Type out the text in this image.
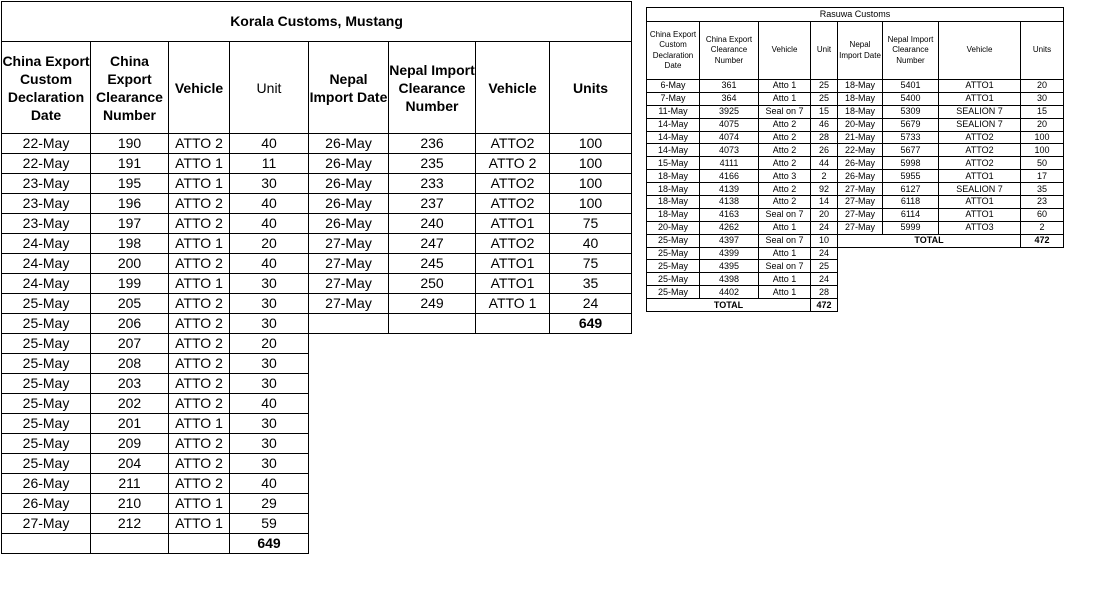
Korala Customs, Mustang							
China Export Custom Declaration Date	China Export Clearance Number	Vehicle	Unit	Nepal Import Date	Nepal Import Clearance Number	Vehicle	Units
22-May	190	ATTO 2	40	26-May	236	ATTO2	100
22-May	191	ATTO 1	11	26-May	235	ATTO 2	100
23-May	195	ATTO 1	30	26-May	233	ATTO2	100
23-May	196	ATTO 2	40	26-May	237	ATTO2	100
23-May	197	ATTO 2	40	26-May	240	ATTO1	75
24-May	198	ATTO 1	20	27-May	247	ATTO2	40
24-May	200	ATTO 2	40	27-May	245	ATTO1	75
24-May	199	ATTO 1	30	27-May	250	ATTO1	35
25-May	205	ATTO 2	30	27-May	249	ATTO 1	24
25-May	206	ATTO 2	30				649
25-May	207	ATTO 2	20				
25-May	208	ATTO 2	30				
25-May	203	ATTO 2	30				
25-May	202	ATTO 2	40				
25-May	201	ATTO 1	30				
25-May	209	ATTO 2	30				
25-May	204	ATTO 2	30				
26-May	211	ATTO 2	40				
26-May	210	ATTO 1	29				
27-May	212	ATTO 1	59				
			649				
Rasuwa Customs							
China Export Custom Declaration Date	China Export Clearance Number	Vehicle	Unit	Nepal Import Date	Nepal Import Clearance Number	Vehicle	Units
6-May	361	Atto 1	25	18-May	5401	ATTO1	20
7-May	364	Atto 1	25	18-May	5400	ATTO1	30
11-May	3925	Seal on 7	15	18-May	5309	SEALION 7	15
14-May	4075	Atto 2	46	20-May	5679	SEALION 7	20
14-May	4074	Atto 2	28	21-May	5733	ATTO2	100
14-May	4073	Atto 2	26	22-May	5677	ATTO2	100
15-May	4111	Atto 2	44	26-May	5998	ATTO2	50
18-May	4166	Atto 3	2	26-May	5955	ATTO1	17
18-May	4139	Atto 2	92	27-May	6127	SEALION 7	35
18-May	4138	Atto 2	14	27-May	6118	ATTO1	23
18-May	4163	Seal on 7	20	27-May	6114	ATTO1	60
20-May	4262	Atto 1	24	27-May	5999	ATTO3	2
25-May	4397	Seal on 7	10	TOTAL			472
25-May	4399	Atto 1	24				
25-May	4395	Seal on 7	25				
25-May	4398	Atto 1	24				
25-May	4402	Atto 1	28				
TOTAL			472				
